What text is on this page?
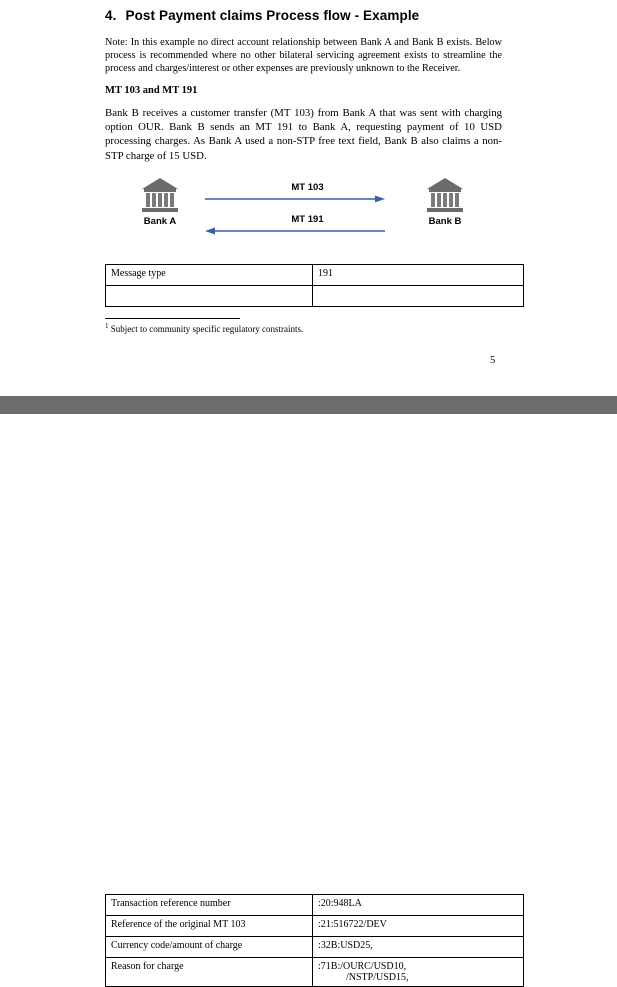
4. Post Payment claims Process flow - Example

Note: In this example no direct account relationship between Bank A and Bank B exists. Below process is recommended where no other bilateral servicing agreement exists to streamline the process and charges/interest or other expenses are previously unknown to the Receiver.

MT 103 and MT 191

Bank B receives a customer transfer (MT 103) from Bank A that was sent with charging option OUR. Bank B sends an MT 191 to Bank A, requesting payment of 10 USD processing charges. As Bank A used a non-STP free text field, Bank B also claims a non-STP charge of 15 USD.

Bank A	Bank B
MT 103
MT 191
Message type	191

$^1$ Subject to community specific regulatory constraints.
5
Transaction reference number	:20:948LA
Reference of the original MT 103	:21:516722/DEV
Currency code/amount of charge	:32B:USD25,
Reason for charge	:71B:/OURC/USD10,
/NSTP/USD15,
